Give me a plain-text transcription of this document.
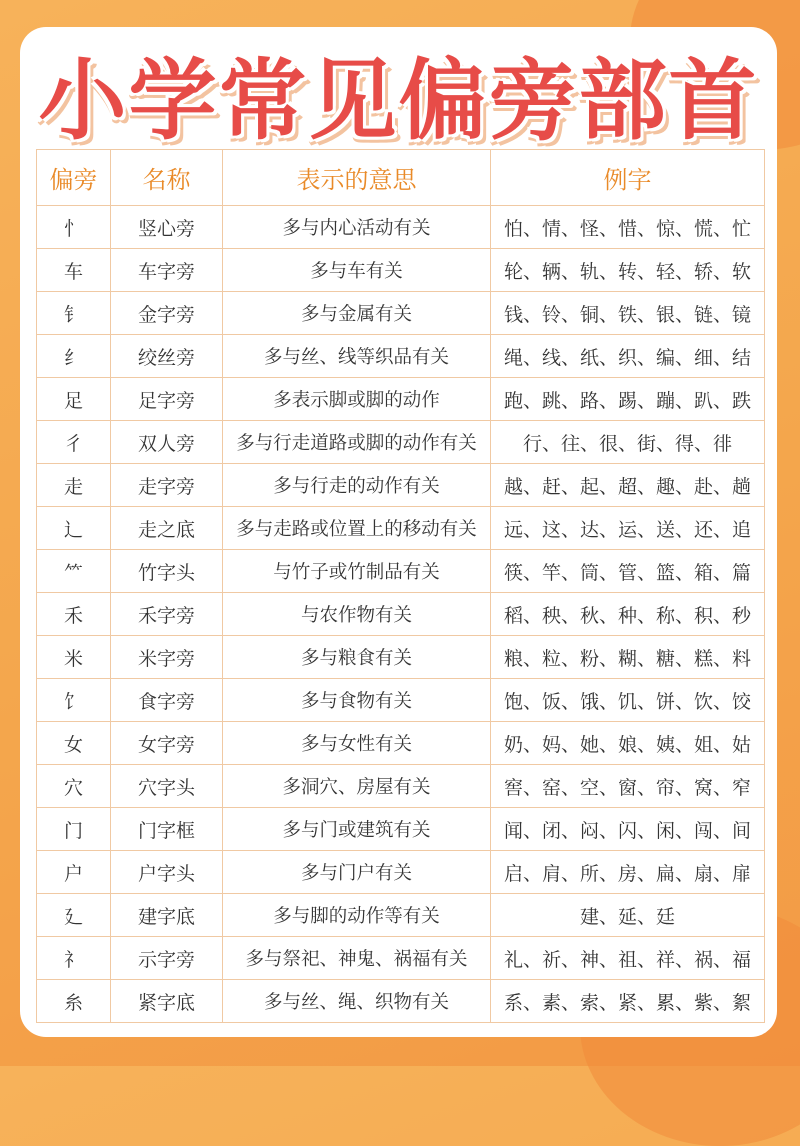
小学常见偏旁部首
偏旁	名称	表示的意思	例字
忄	竖心旁	多与内心活动有关	怕、情、怪、惜、惊、慌、忙
车	车字旁	多与车有关	轮、辆、轨、转、轻、轿、软
钅	金字旁	多与金属有关	钱、铃、铜、铁、银、链、镜
纟	绞丝旁	多与丝、线等织品有关	绳、线、纸、织、编、细、结
足	足字旁	多表示脚或脚的动作	跑、跳、路、踢、蹦、趴、跌
彳	双人旁	多与行走道路或脚的动作有关	行、往、很、街、得、徘
走	走字旁	多与行走的动作有关	越、赶、起、超、趣、赴、趟
辶	走之底	多与走路或位置上的移动有关	远、这、达、运、送、还、追
⺮	竹字头	与竹子或竹制品有关	筷、竿、筒、管、篮、箱、篇
禾	禾字旁	与农作物有关	稻、秧、秋、种、称、积、秒
米	米字旁	多与粮食有关	粮、粒、粉、糊、糖、糕、料
饣	食字旁	多与食物有关	饱、饭、饿、饥、饼、饮、饺
女	女字旁	多与女性有关	奶、妈、她、娘、姨、姐、姑
穴	穴字头	多洞穴、房屋有关	窖、窑、空、窗、帘、窝、窄
门	门字框	多与门或建筑有关	闻、闭、闷、闪、闲、闯、间
户	户字头	多与门户有关	启、肩、所、房、扁、扇、扉
廴	建字底	多与脚的动作等有关	建、延、廷
礻	示字旁	多与祭祀、神鬼、祸福有关	礼、祈、神、祖、祥、祸、福
糸	紧字底	多与丝、绳、织物有关	系、素、索、紧、累、紫、絮
